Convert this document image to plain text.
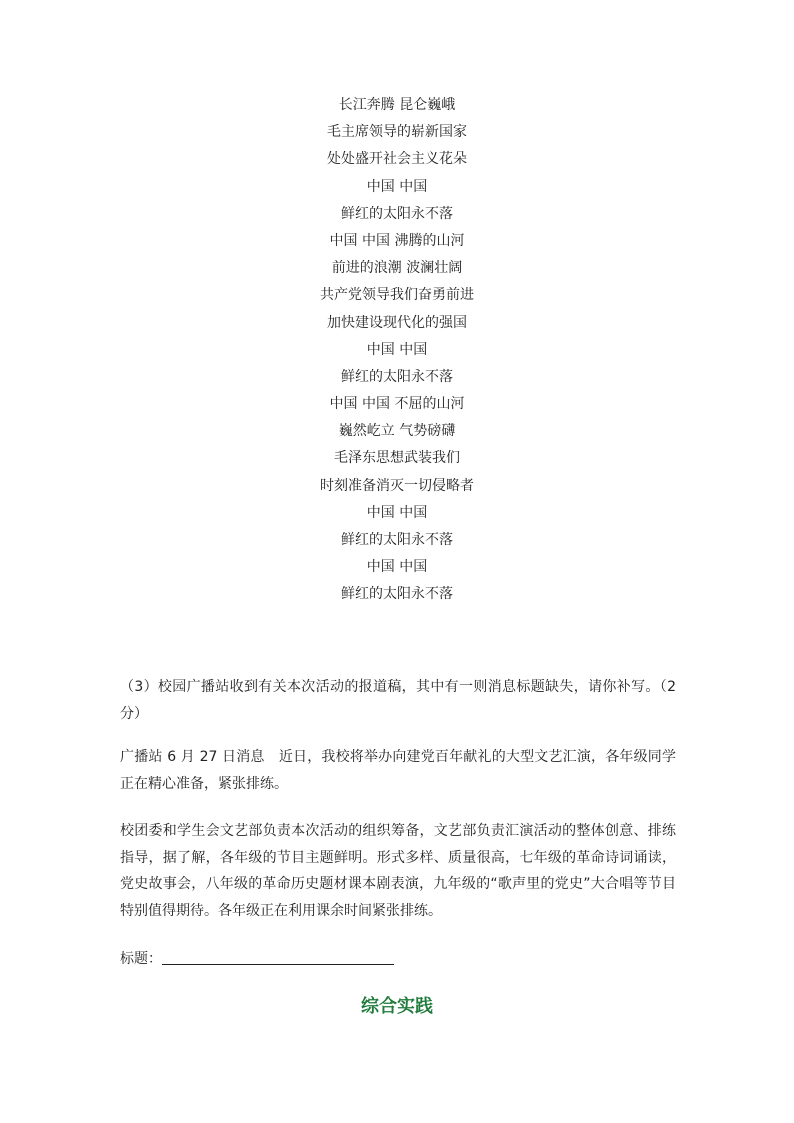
长江奔腾 昆仑巍峨
毛主席领导的崭新国家
处处盛开社会主义花朵
中国 中国
鲜红的太阳永不落
中国 中国 沸腾的山河
前进的浪潮 波澜壮阔
共产党领导我们奋勇前进
加快建设现代化的强国
中国 中国
鲜红的太阳永不落
中国 中国 不屈的山河
巍然屹立 气势磅礴
毛泽东思想武装我们
时刻准备消灭一切侵略者
中国 中国
鲜红的太阳永不落
中国 中国
鲜红的太阳永不落

（3）校园广播站收到有关本次活动的报道稿，其中有一则消息标题缺失，请你补写。（2分）

广播站 6 月 27 日消息　近日，我校将举办向建党百年献礼的大型文艺汇演，各年级同学正在精心准备，紧张排练。

校团委和学生会文艺部负责本次活动的组织筹备，文艺部负责汇演活动的整体创意、排练指导，据了解，各年级的节目主题鲜明。形式多样、质量很高，七年级的革命诗词诵读，党史故事会，八年级的革命历史题材课本剧表演，九年级的“歌声里的党史”大合唱等节目特别值得期待。各年级正在利用课余时间紧张排练。

标题：
综合实践
